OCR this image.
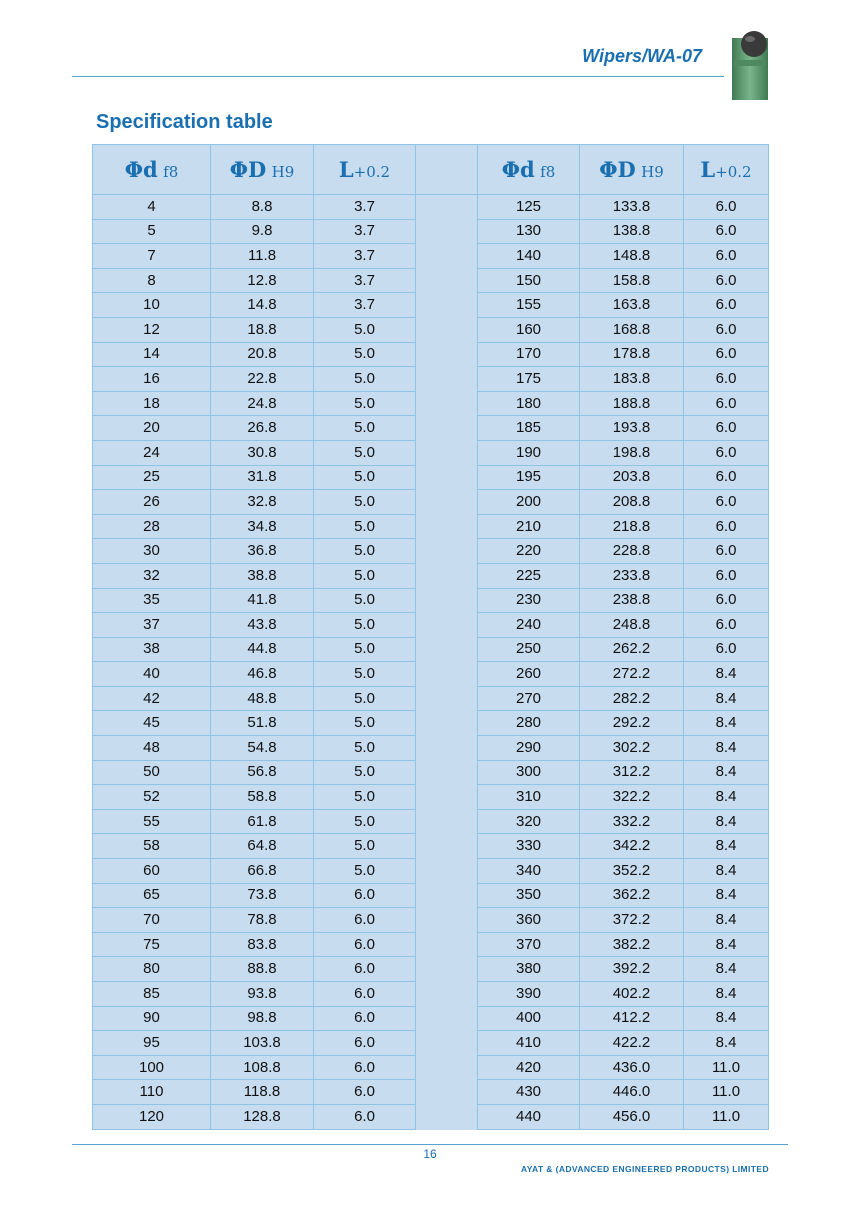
Wipers/WA-07
Specification table
Φd f8	ΦD H9	L+0.2		Φd f8	ΦD H9	L+0.2
4	8.8	3.7		125	133.8	6.0
5	9.8	3.7		130	138.8	6.0
7	11.8	3.7		140	148.8	6.0
8	12.8	3.7		150	158.8	6.0
10	14.8	3.7		155	163.8	6.0
12	18.8	5.0		160	168.8	6.0
14	20.8	5.0		170	178.8	6.0
16	22.8	5.0		175	183.8	6.0
18	24.8	5.0		180	188.8	6.0
20	26.8	5.0		185	193.8	6.0
24	30.8	5.0		190	198.8	6.0
25	31.8	5.0		195	203.8	6.0
26	32.8	5.0		200	208.8	6.0
28	34.8	5.0		210	218.8	6.0
30	36.8	5.0		220	228.8	6.0
32	38.8	5.0		225	233.8	6.0
35	41.8	5.0		230	238.8	6.0
37	43.8	5.0		240	248.8	6.0
38	44.8	5.0		250	262.2	6.0
40	46.8	5.0		260	272.2	8.4
42	48.8	5.0		270	282.2	8.4
45	51.8	5.0		280	292.2	8.4
48	54.8	5.0		290	302.2	8.4
50	56.8	5.0		300	312.2	8.4
52	58.8	5.0		310	322.2	8.4
55	61.8	5.0		320	332.2	8.4
58	64.8	5.0		330	342.2	8.4
60	66.8	5.0		340	352.2	8.4
65	73.8	6.0		350	362.2	8.4
70	78.8	6.0		360	372.2	8.4
75	83.8	6.0		370	382.2	8.4
80	88.8	6.0		380	392.2	8.4
85	93.8	6.0		390	402.2	8.4
90	98.8	6.0		400	412.2	8.4
95	103.8	6.0		410	422.2	8.4
100	108.8	6.0		420	436.0	11.0
110	118.8	6.0		430	446.0	11.0
120	128.8	6.0		440	456.0	11.0
16
AYAT & (ADVANCED ENGINEERED PRODUCTS) LIMITED
